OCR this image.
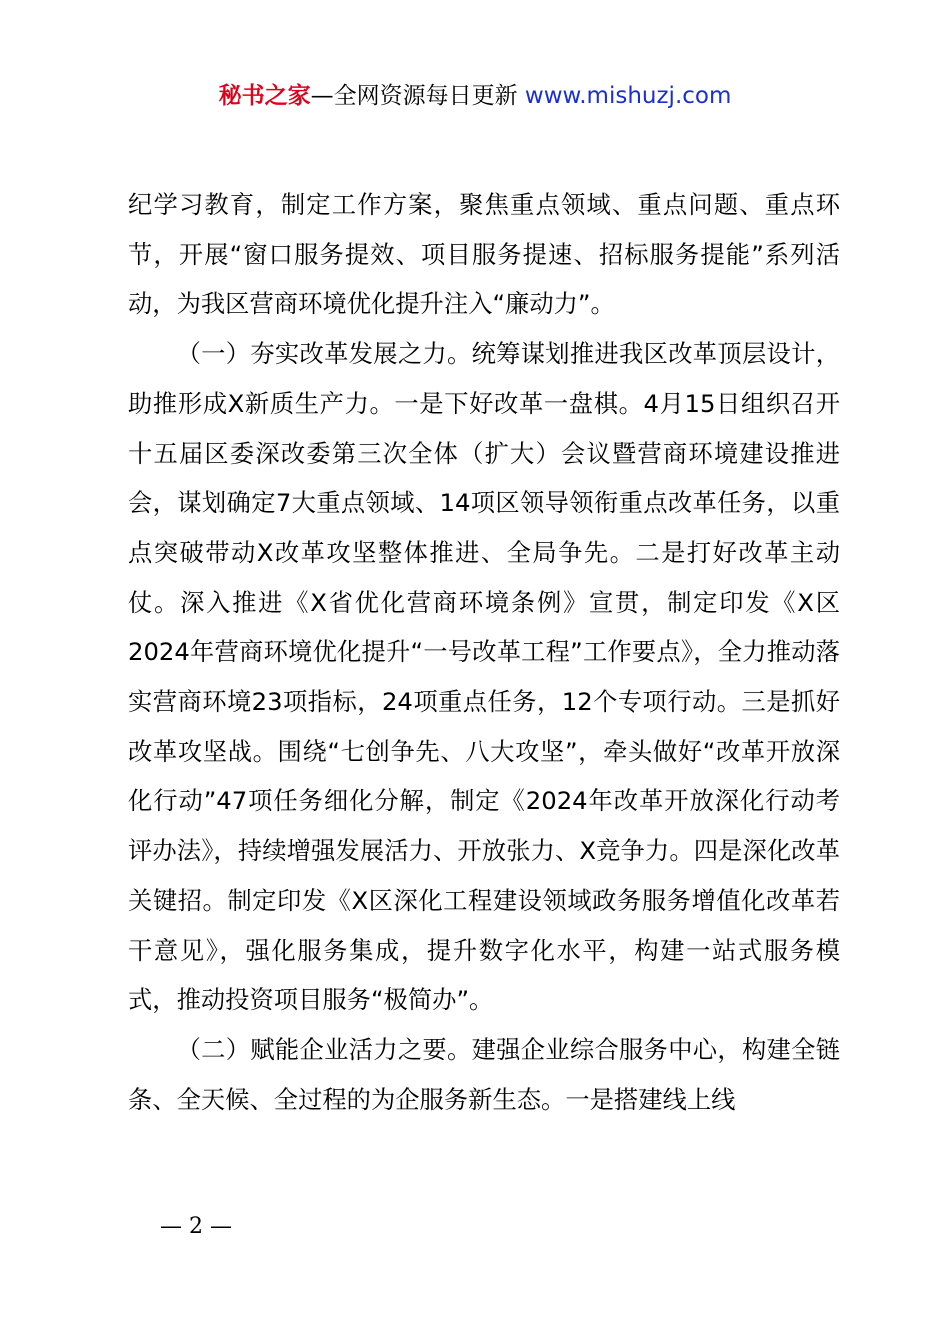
秘书之家—全网资源每日更新 www.mishuzj.com

纪学习教育，制定工作方案，聚焦重点领域、重点问题、重点环节，开展“窗口服务提效、项目服务提速、招标服务提能”系列活动，为我区营商环境优化提升注入“廉动力”。

（一）夯实改革发展之力。统筹谋划推进我区改革顶层设计，助推形成X新质生产力。一是下好改革一盘棋。4月15日组织召开十五届区委深改委第三次全体（扩大）会议暨营商环境建设推进会，谋划确定7大重点领域、14项区领导领衔重点改革任务，以重点突破带动X改革攻坚整体推进、全局争先。二是打好改革主动仗。深入推进《X省优化营商环境条例》宣贯，制定印发《X区2024年营商环境优化提升“一号改革工程”工作要点》，全力推动落实营商环境23项指标，24项重点任务，12个专项行动。三是抓好改革攻坚战。围绕“七创争先、八大攻坚”，牵头做好“改革开放深化行动”47项任务细化分解，制定《2024年改革开放深化行动考评办法》，持续增强发展活力、开放张力、X竞争力。四是深化改革关键招。制定印发《X区深化工程建设领域政务服务增值化改革若干意见》，强化服务集成，提升数字化水平，构建一站式服务模式，推动投资项目服务“极简办”。

（二）赋能企业活力之要。建强企业综合服务中心，构建全链条、全天候、全过程的为企服务新生态。一是搭建线上线

— 2 —
